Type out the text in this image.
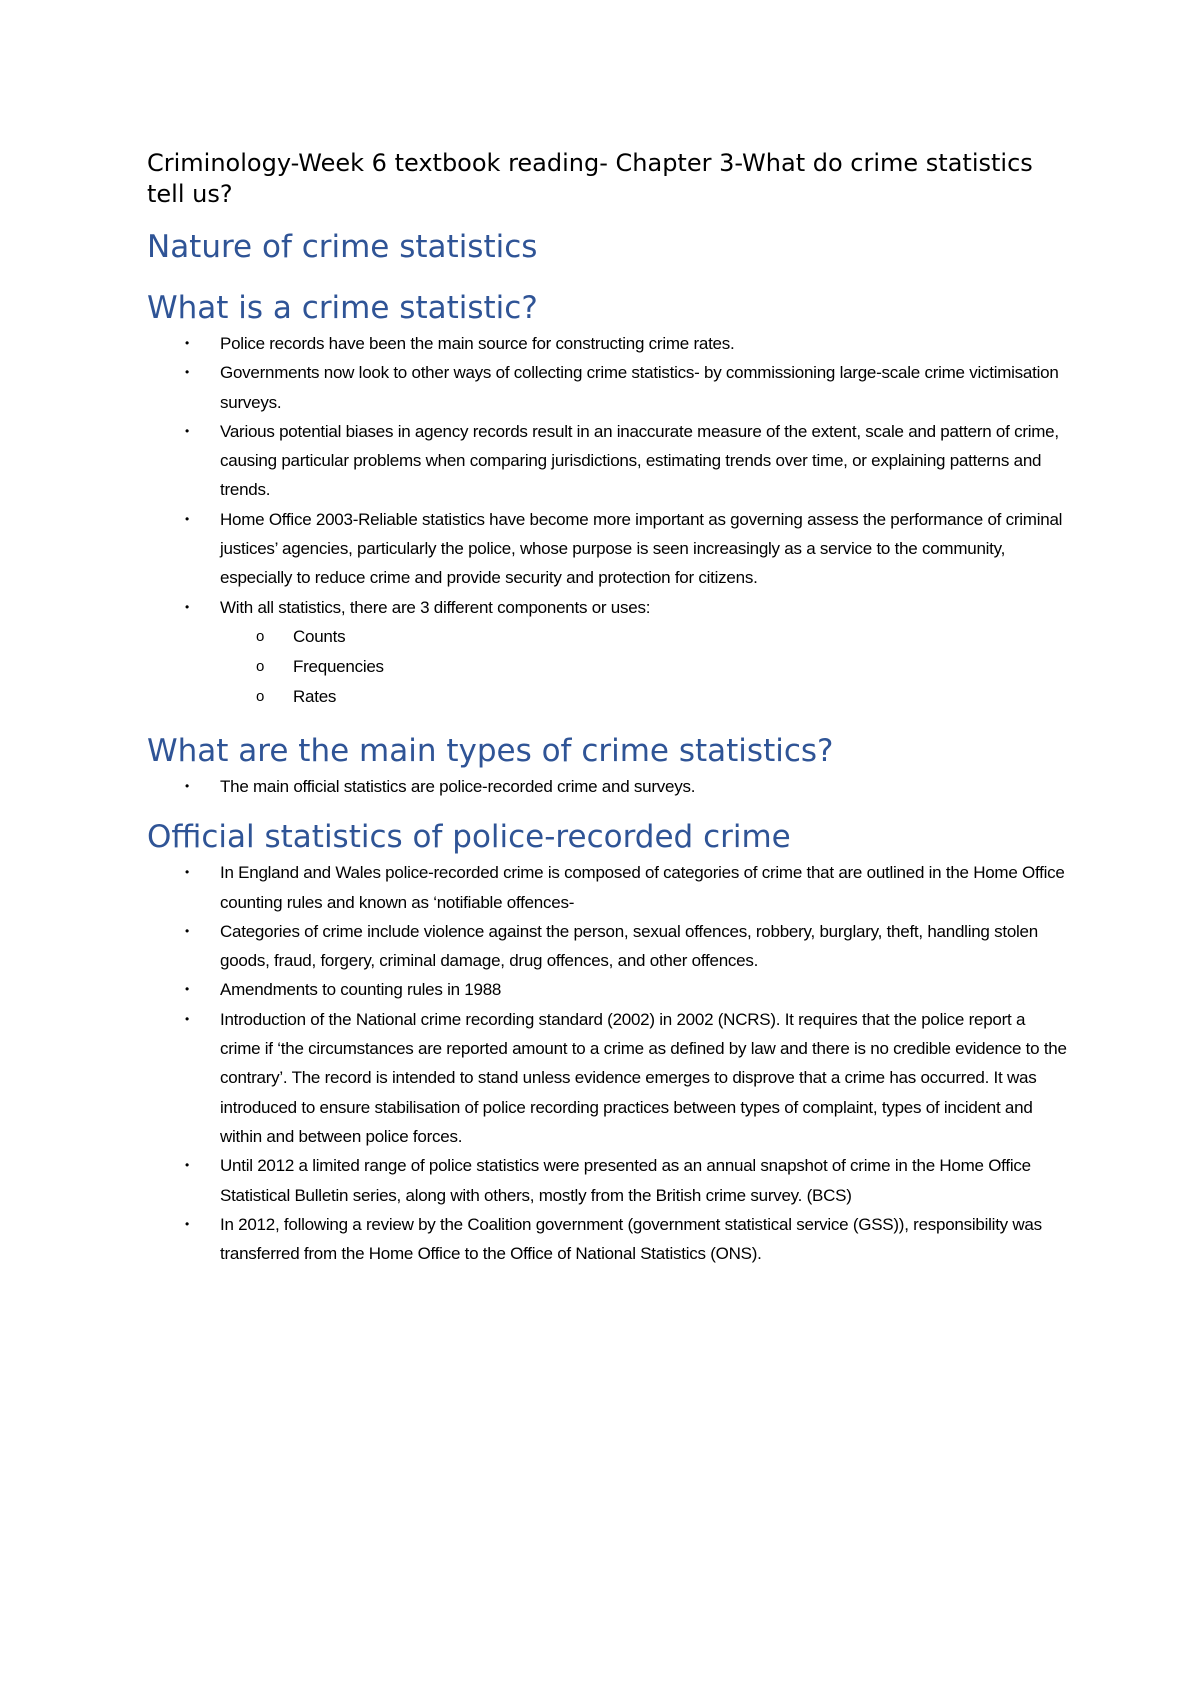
Criminology-Week 6 textbook reading- Chapter 3-What do crime statistics tell us?
Nature of crime statistics
What is a crime statistic?
• Police records have been the main source for constructing crime rates.
• Governments now look to other ways of collecting crime statistics- by commissioning large-scale crime victimisation surveys.
• Various potential biases in agency records result in an inaccurate measure of the extent, scale and pattern of crime, causing particular problems when comparing jurisdictions, estimating trends over time, or explaining patterns and trends.
• Home Office 2003-Reliable statistics have become more important as governing assess the performance of criminal justices’ agencies, particularly the police, whose purpose is seen increasingly as a service to the community, especially to reduce crime and provide security and protection for citizens.
• With all statistics, there are 3 different components or uses:
o Counts
o Frequencies
o Rates
What are the main types of crime statistics?
• The main official statistics are police-recorded crime and surveys.
Official statistics of police-recorded crime
• In England and Wales police-recorded crime is composed of categories of crime that are outlined in the Home Office counting rules and known as ‘notifiable offences-
• Categories of crime include violence against the person, sexual offences, robbery, burglary, theft, handling stolen goods, fraud, forgery, criminal damage, drug offences, and other offences.
• Amendments to counting rules in 1988
• Introduction of the National crime recording standard (2002) in 2002 (NCRS). It requires that the police report a crime if ‘the circumstances are reported amount to a crime as defined by law and there is no credible evidence to the contrary’. The record is intended to stand unless evidence emerges to disprove that a crime has occurred. It was introduced to ensure stabilisation of police recording practices between types of complaint, types of incident and within and between police forces.
• Until 2012 a limited range of police statistics were presented as an annual snapshot of crime in the Home Office Statistical Bulletin series, along with others, mostly from the British crime survey. (BCS)
• In 2012, following a review by the Coalition government (government statistical service (GSS)), responsibility was transferred from the Home Office to the Office of National Statistics (ONS).
